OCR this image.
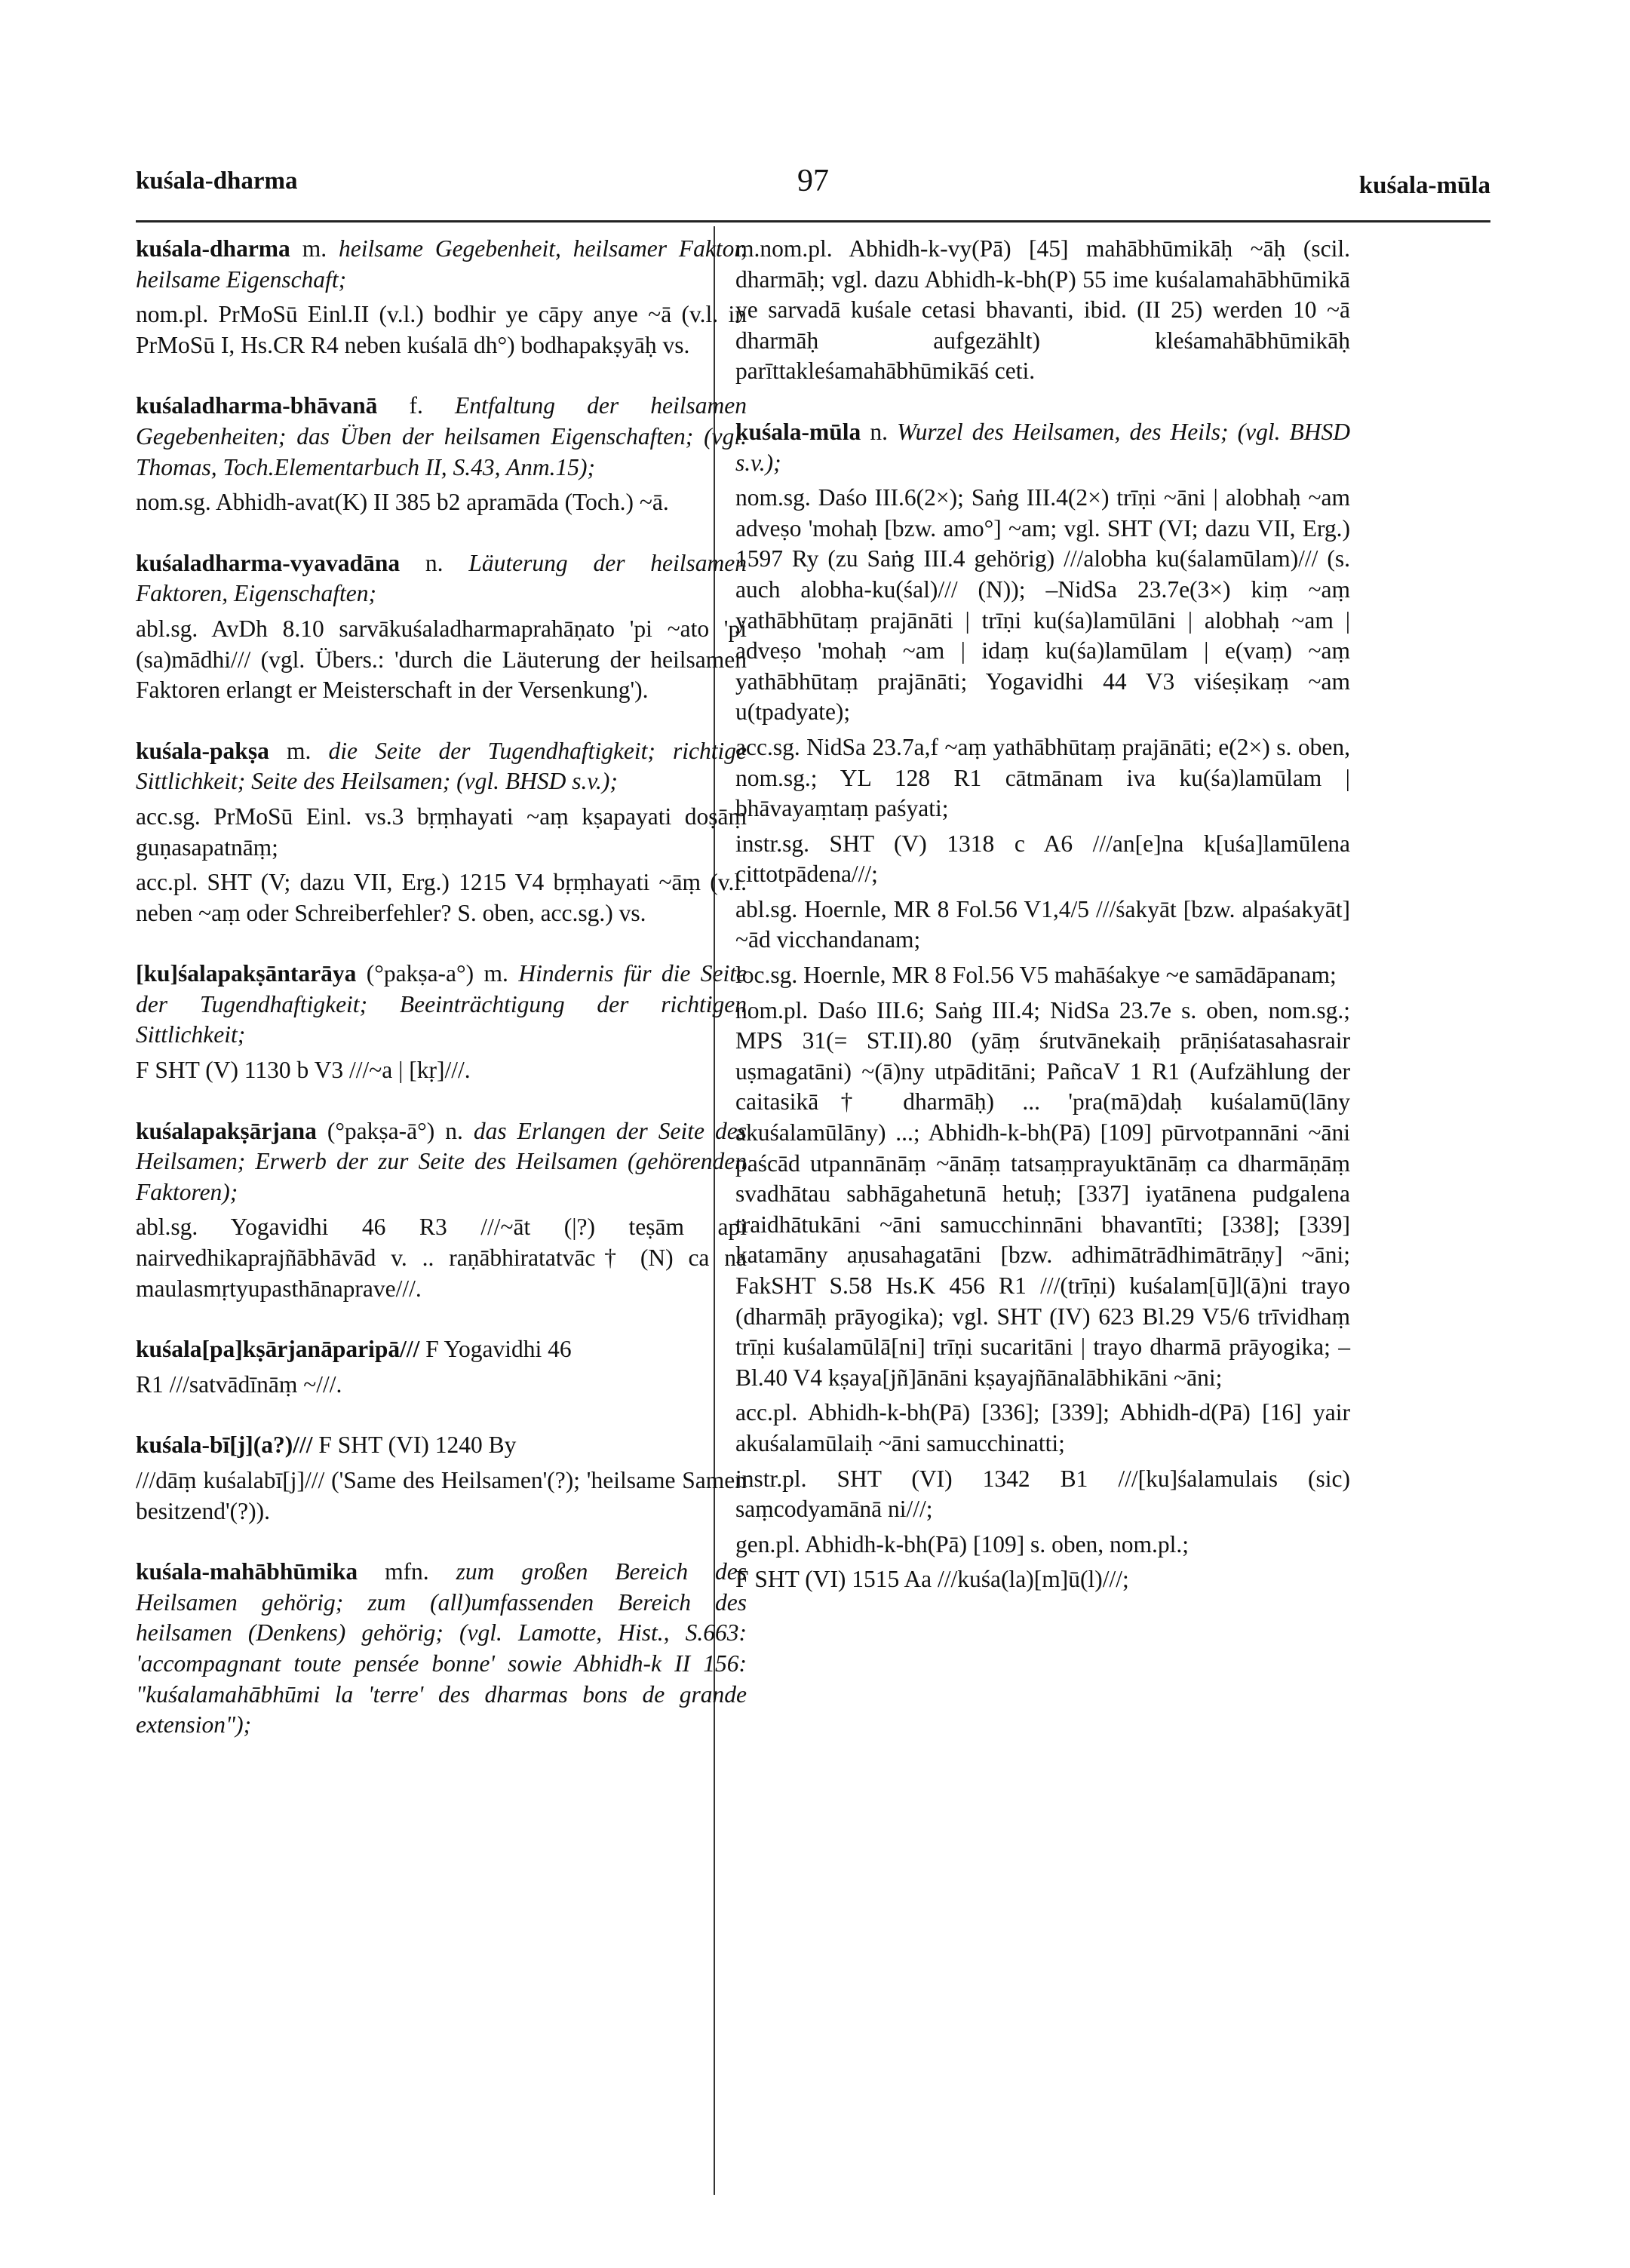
kuśala-dharma	97	kuśala-mūla

kuśala-dharma m. heilsame Gegebenheit, heilsamer Faktor, heilsame Eigenschaft;

nom.pl. PrMoSū Einl.II (v.l.) bodhir ye cāpy anye ~ā (v.l. in PrMoSū I, Hs.CR R4 neben kuśalā dh°) bodhapakṣyāḥ vs.

kuśaladharma-bhāvanā f. Entfaltung der heilsamen Gegebenheiten; das Üben der heilsamen Eigenschaften; (vgl. Thomas, Toch.Elementarbuch II, S.43, Anm.15);

nom.sg. Abhidh-avat(K) II 385 b2 apramāda (Toch.) ~ā.

kuśaladharma-vyavadāna n. Läuterung der heilsamen Faktoren, Eigenschaften;

abl.sg. AvDh 8.10 sarvākuśaladharmaprahāṇato 'pi ~ato 'pi (sa)mādhi/// (vgl. Übers.: 'durch die Läuterung der heilsamen Faktoren erlangt er Meisterschaft in der Versenkung').

kuśala-pakṣa m. die Seite der Tugendhaftigkeit; richtige Sittlichkeit; Seite des Heilsamen; (vgl. BHSD s.v.);

acc.sg. PrMoSū Einl. vs.3 bṛṃhayati ~aṃ kṣapayati doṣāṃ guṇasapatnāṃ;

acc.pl. SHT (V; dazu VII, Erg.) 1215 V4 bṛṃhayati ~āṃ (v.l. neben ~aṃ oder Schreiberfehler? S. oben, acc.sg.) vs.

[ku]śalapakṣāntarāya (°pakṣa-a°) m. Hindernis für die Seite der Tugendhaftigkeit; Beeinträchtigung der richtigen Sittlichkeit;

F SHT (V) 1130 b V3 ///~a | [kṛ]///.

kuśalapakṣārjana (°pakṣa-ā°) n. das Erlangen der Seite des Heilsamen; Erwerb der zur Seite des Heilsamen (gehörenden Faktoren);

abl.sg. Yogavidhi 46 R3 ///~āt (|?) teṣām api nairvedhikaprajñābhāvād v. .. raṇābhiratatvāc† (N) ca na maulasmṛtyupasthānaprave///.

kuśala[pa]kṣārjanāparipā/// F Yogavidhi 46

R1 ///satvādīnāṃ ~///.

kuśala-bī[j](a?)/// F SHT (VI) 1240 By

///dāṃ kuśalabī[j]/// ('Same des Heilsamen'(?); 'heilsame Samen besitzend'(?)).

kuśala-mahābhūmika mfn. zum großen Bereich des Heilsamen gehörig; zum (all)umfassenden Bereich des heilsamen (Denkens) gehörig; (vgl. Lamotte, Hist., S.663: 'accompagnant toute pensée bonne' sowie Abhidh-k II 156: "kuśalamahābhūmi la 'terre' des dharmas bons de grande extension");

m.nom.pl. Abhidh-k-vy(Pā) [45] mahābhūmikāḥ ~āḥ (scil. dharmāḥ; vgl. dazu Abhidh-k-bh(P) 55 ime kuśalamahābhūmikā ye sarvadā kuśale cetasi bhavanti, ibid. (II 25) werden 10 ~ā dharmāḥ aufgezählt) kleśamahābhūmikāḥ parīttakleśamahābhūmikāś ceti.

kuśala-mūla n. Wurzel des Heilsamen, des Heils; (vgl. BHSD s.v.);

nom.sg. Daśo III.6(2×); Saṅg III.4(2×) trīṇi ~āni | alobhaḥ ~am adveṣo 'mohaḥ [bzw. amo°] ~am; vgl. SHT (VI; dazu VII, Erg.) 1597 Ry (zu Saṅg III.4 gehörig) ///alobha ku(śalamūlam)/// (s. auch alobha-ku(śal)/// (N)); –NidSa 23.7e(3×) kiṃ ~aṃ yathābhūtaṃ prajānāti | trīṇi ku(śa)lamūlāni | alobhaḥ ~am | adveṣo 'mohaḥ ~am | idaṃ ku(śa)lamūlam | e(vaṃ) ~aṃ yathābhūtaṃ prajānāti; Yogavidhi 44 V3 viśeṣikaṃ ~am u(tpadyate);

acc.sg. NidSa 23.7a,f ~aṃ yathābhūtaṃ prajānāti; e(2×) s. oben, nom.sg.; YL 128 R1 cātmānam iva ku(śa)lamūlam | bhāvayaṃtaṃ paśyati;

instr.sg. SHT (V) 1318 c A6 ///an[e]na k[uśa]lamūlena cittotpādena///;

abl.sg. Hoernle, MR 8 Fol.56 V1,4/5 ///śakyāt [bzw. alpaśakyāt] ~ād vicchandanam;

loc.sg. Hoernle, MR 8 Fol.56 V5 mahāśakye ~e samādāpanam;

nom.pl. Daśo III.6; Saṅg III.4; NidSa 23.7e s. oben, nom.sg.; MPS 31(= ST.II).80 (yāṃ śrutvānekaiḥ prāṇiśatasahasrair uṣmagatāni) ~(ā)ny utpāditāni; PañcaV 1 R1 (Aufzählung der caitasikā† dharmāḥ) ... 'pra(mā)daḥ kuśalamū(lāny akuśalamūlāny) ...; Abhidh-k-bh(Pā) [109] pūrvotpannāni ~āni paścād utpannānāṃ ~ānāṃ tatsaṃprayuktānāṃ ca dharmāṇāṃ svadhātau sabhāgahetunā hetuḥ; [337] iyatānena pudgalena traidhātukāni ~āni samucchinnāni bhavantīti; [338]; [339] katamāny aṇusahagatāni [bzw. adhimātrādhimātrāṇy] ~āni; FakSHT S.58 Hs.K 456 R1 ///(trīṇi) kuśalam[ū]l(ā)ni trayo (dharmāḥ prāyogika); vgl. SHT (IV) 623 Bl.29 V5/6 trīvidhaṃ trīṇi kuśalamūlā[ni] trīṇi sucaritāni | trayo dharmā prāyogika; – Bl.40 V4 kṣaya[jñ]ānāni kṣayajñānalābhikāni ~āni;

acc.pl. Abhidh-k-bh(Pā) [336]; [339]; Abhidh-d(Pā) [16] yair akuśalamūlaiḥ ~āni samucchinatti;

instr.pl. SHT (VI) 1342 B1 ///[ku]śalamulais (sic) saṃcodyamānā ni///;

gen.pl. Abhidh-k-bh(Pā) [109] s. oben, nom.pl.;

F SHT (VI) 1515 Aa ///kuśa(la)[m]ū(l)///;
